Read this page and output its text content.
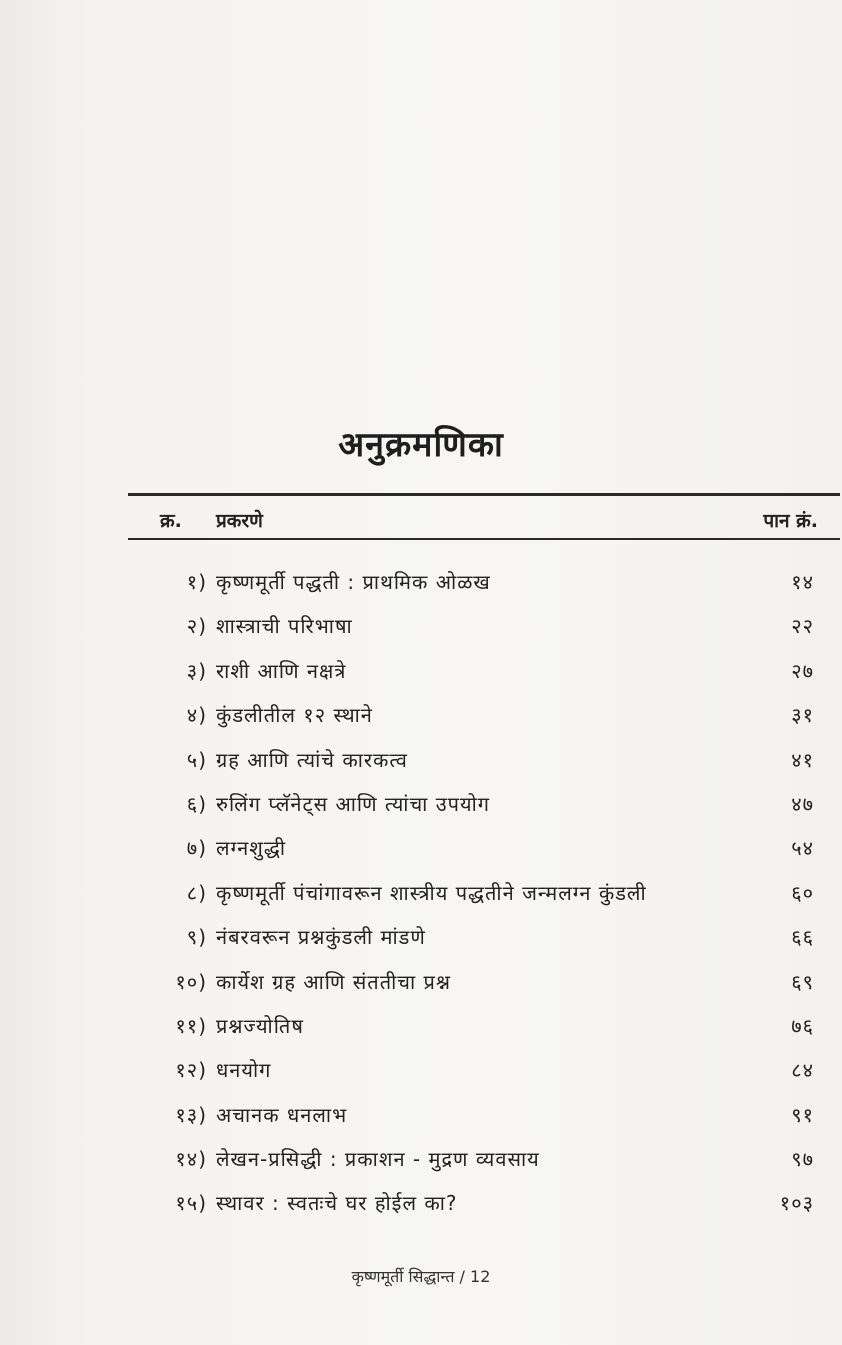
अनुक्रमणिका
क्र. प्रकरणे	पान क्रं.
१) कृष्णमूर्ती पद्धती : प्राथमिक ओळख	१४
२) शास्त्राची परिभाषा	२२
३) राशी आणि नक्षत्रे	२७
४) कुंडलीतील १२ स्थाने	३१
५) ग्रह आणि त्यांचे कारकत्व	४१
६) रुलिंग प्लॅनेट्स आणि त्यांचा उपयोग	४७
७) लग्नशुद्धी	५४
८) कृष्णमूर्ती पंचांगावरून शास्त्रीय पद्धतीने जन्मलग्न कुंडली	६०
९) नंबरवरून प्रश्नकुंडली मांडणे	६६
१०) कार्येश ग्रह आणि संततीचा प्रश्न	६९
११) प्रश्नज्योतिष	७६
१२) धनयोग	८४
१३) अचानक धनलाभ	९१
१४) लेखन-प्रसिद्धी : प्रकाशन - मुद्रण व्यवसाय	९७
१५) स्थावर : स्वतःचे घर होईल का?	१०३
कृष्णमूर्ती सिद्धान्त / 12
